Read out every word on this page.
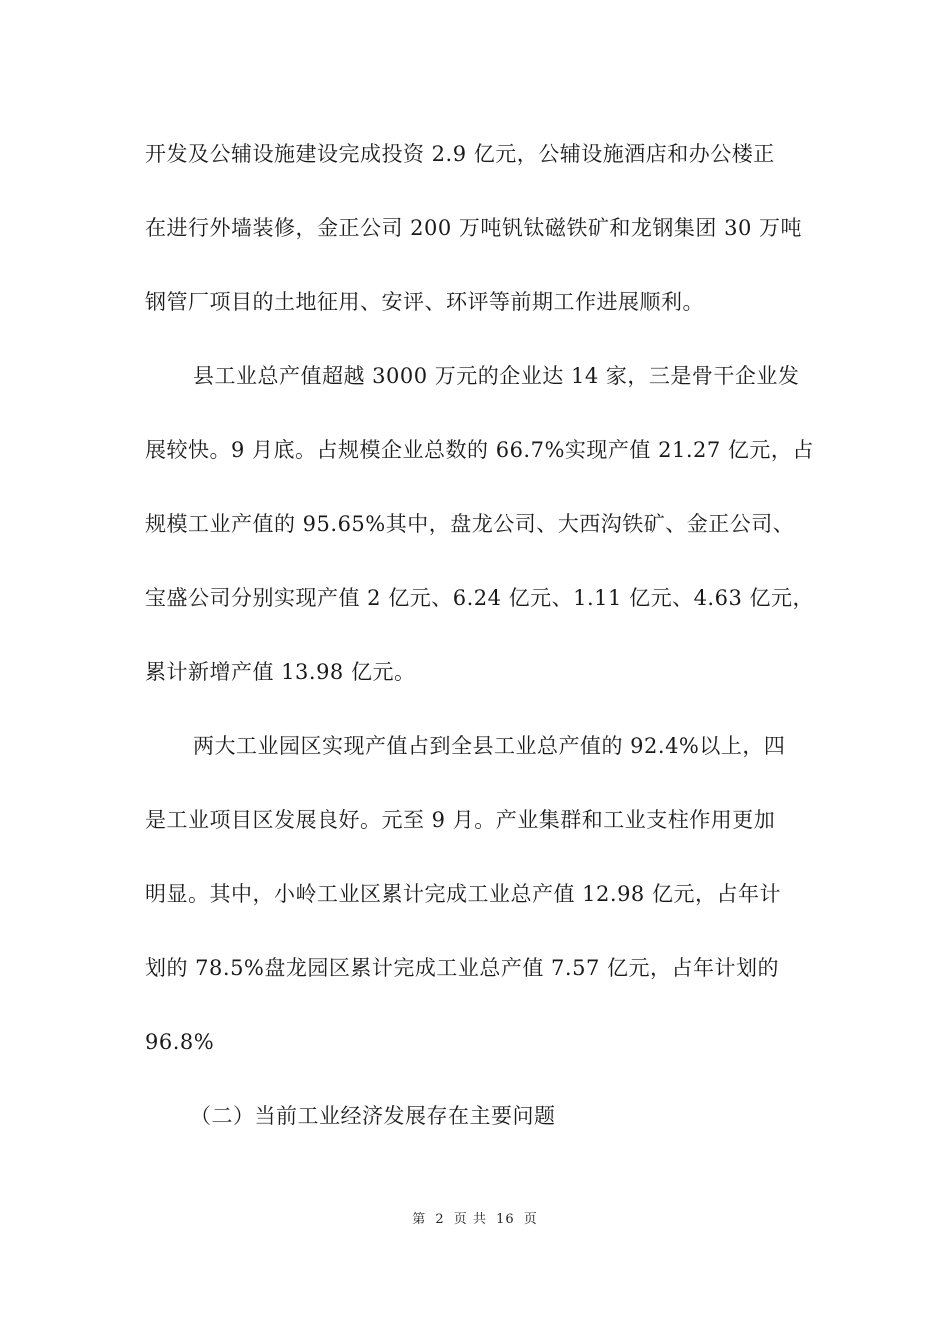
开发及公辅设施建设完成投资 2.9 亿元，公辅设施酒店和办公楼正
在进行外墙装修，金正公司 200 万吨钒钛磁铁矿和龙钢集团 30 万吨
钢管厂项目的土地征用、安评、环评等前期工作进展顺利。
县工业总产值超越 3000 万元的企业达 14 家，三是骨干企业发
展较快。9 月底。占规模企业总数的 66.7%实现产值 21.27 亿元，占
规模工业产值的 95.65%其中，盘龙公司、大西沟铁矿、金正公司、
宝盛公司分别实现产值 2 亿元、6.24 亿元、1.11 亿元、4.63 亿元，
累计新增产值 13.98 亿元。
两大工业园区实现产值占到全县工业总产值的 92.4%以上，四
是工业项目区发展良好。元至 9 月。产业集群和工业支柱作用更加
明显。其中，小岭工业区累计完成工业总产值 12.98 亿元，占年计
划的 78.5%盘龙园区累计完成工业总产值 7.57 亿元，占年计划的
96.8%
（二）当前工业经济发展存在主要问题
第 2 页 共 16 页
